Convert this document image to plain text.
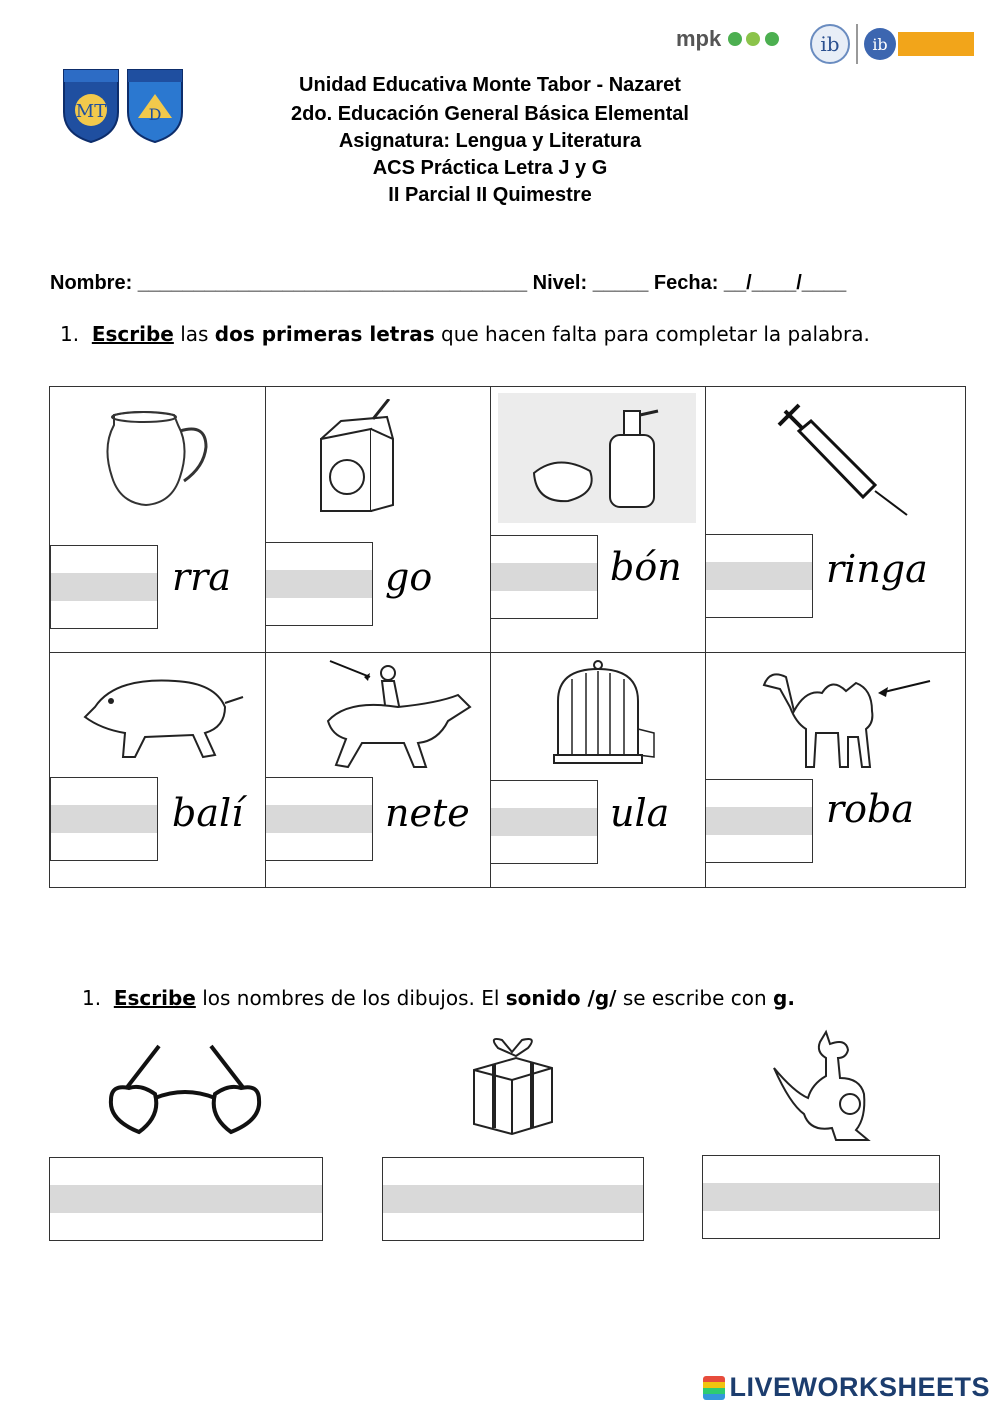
MT	D
mpk	ib ib
Unidad Educativa Monte Tabor - Nazaret
2do. Educación General Básica Elemental
Asignatura: Lengua y Literatura
ACS Práctica Letra J y G
II Parcial II Quimestre
Nombre: ___________________________________ Nivel: _____ Fecha: __/____/____
1. Escribe las dos primeras letras que hacen falta para completar la palabra.
rra	go	bón	ringa
balí	nete	ula	roba
1. Escribe los nombres de los dibujos. El sonido /g/ se escribe con g.
LIVEWORKSHEETS
